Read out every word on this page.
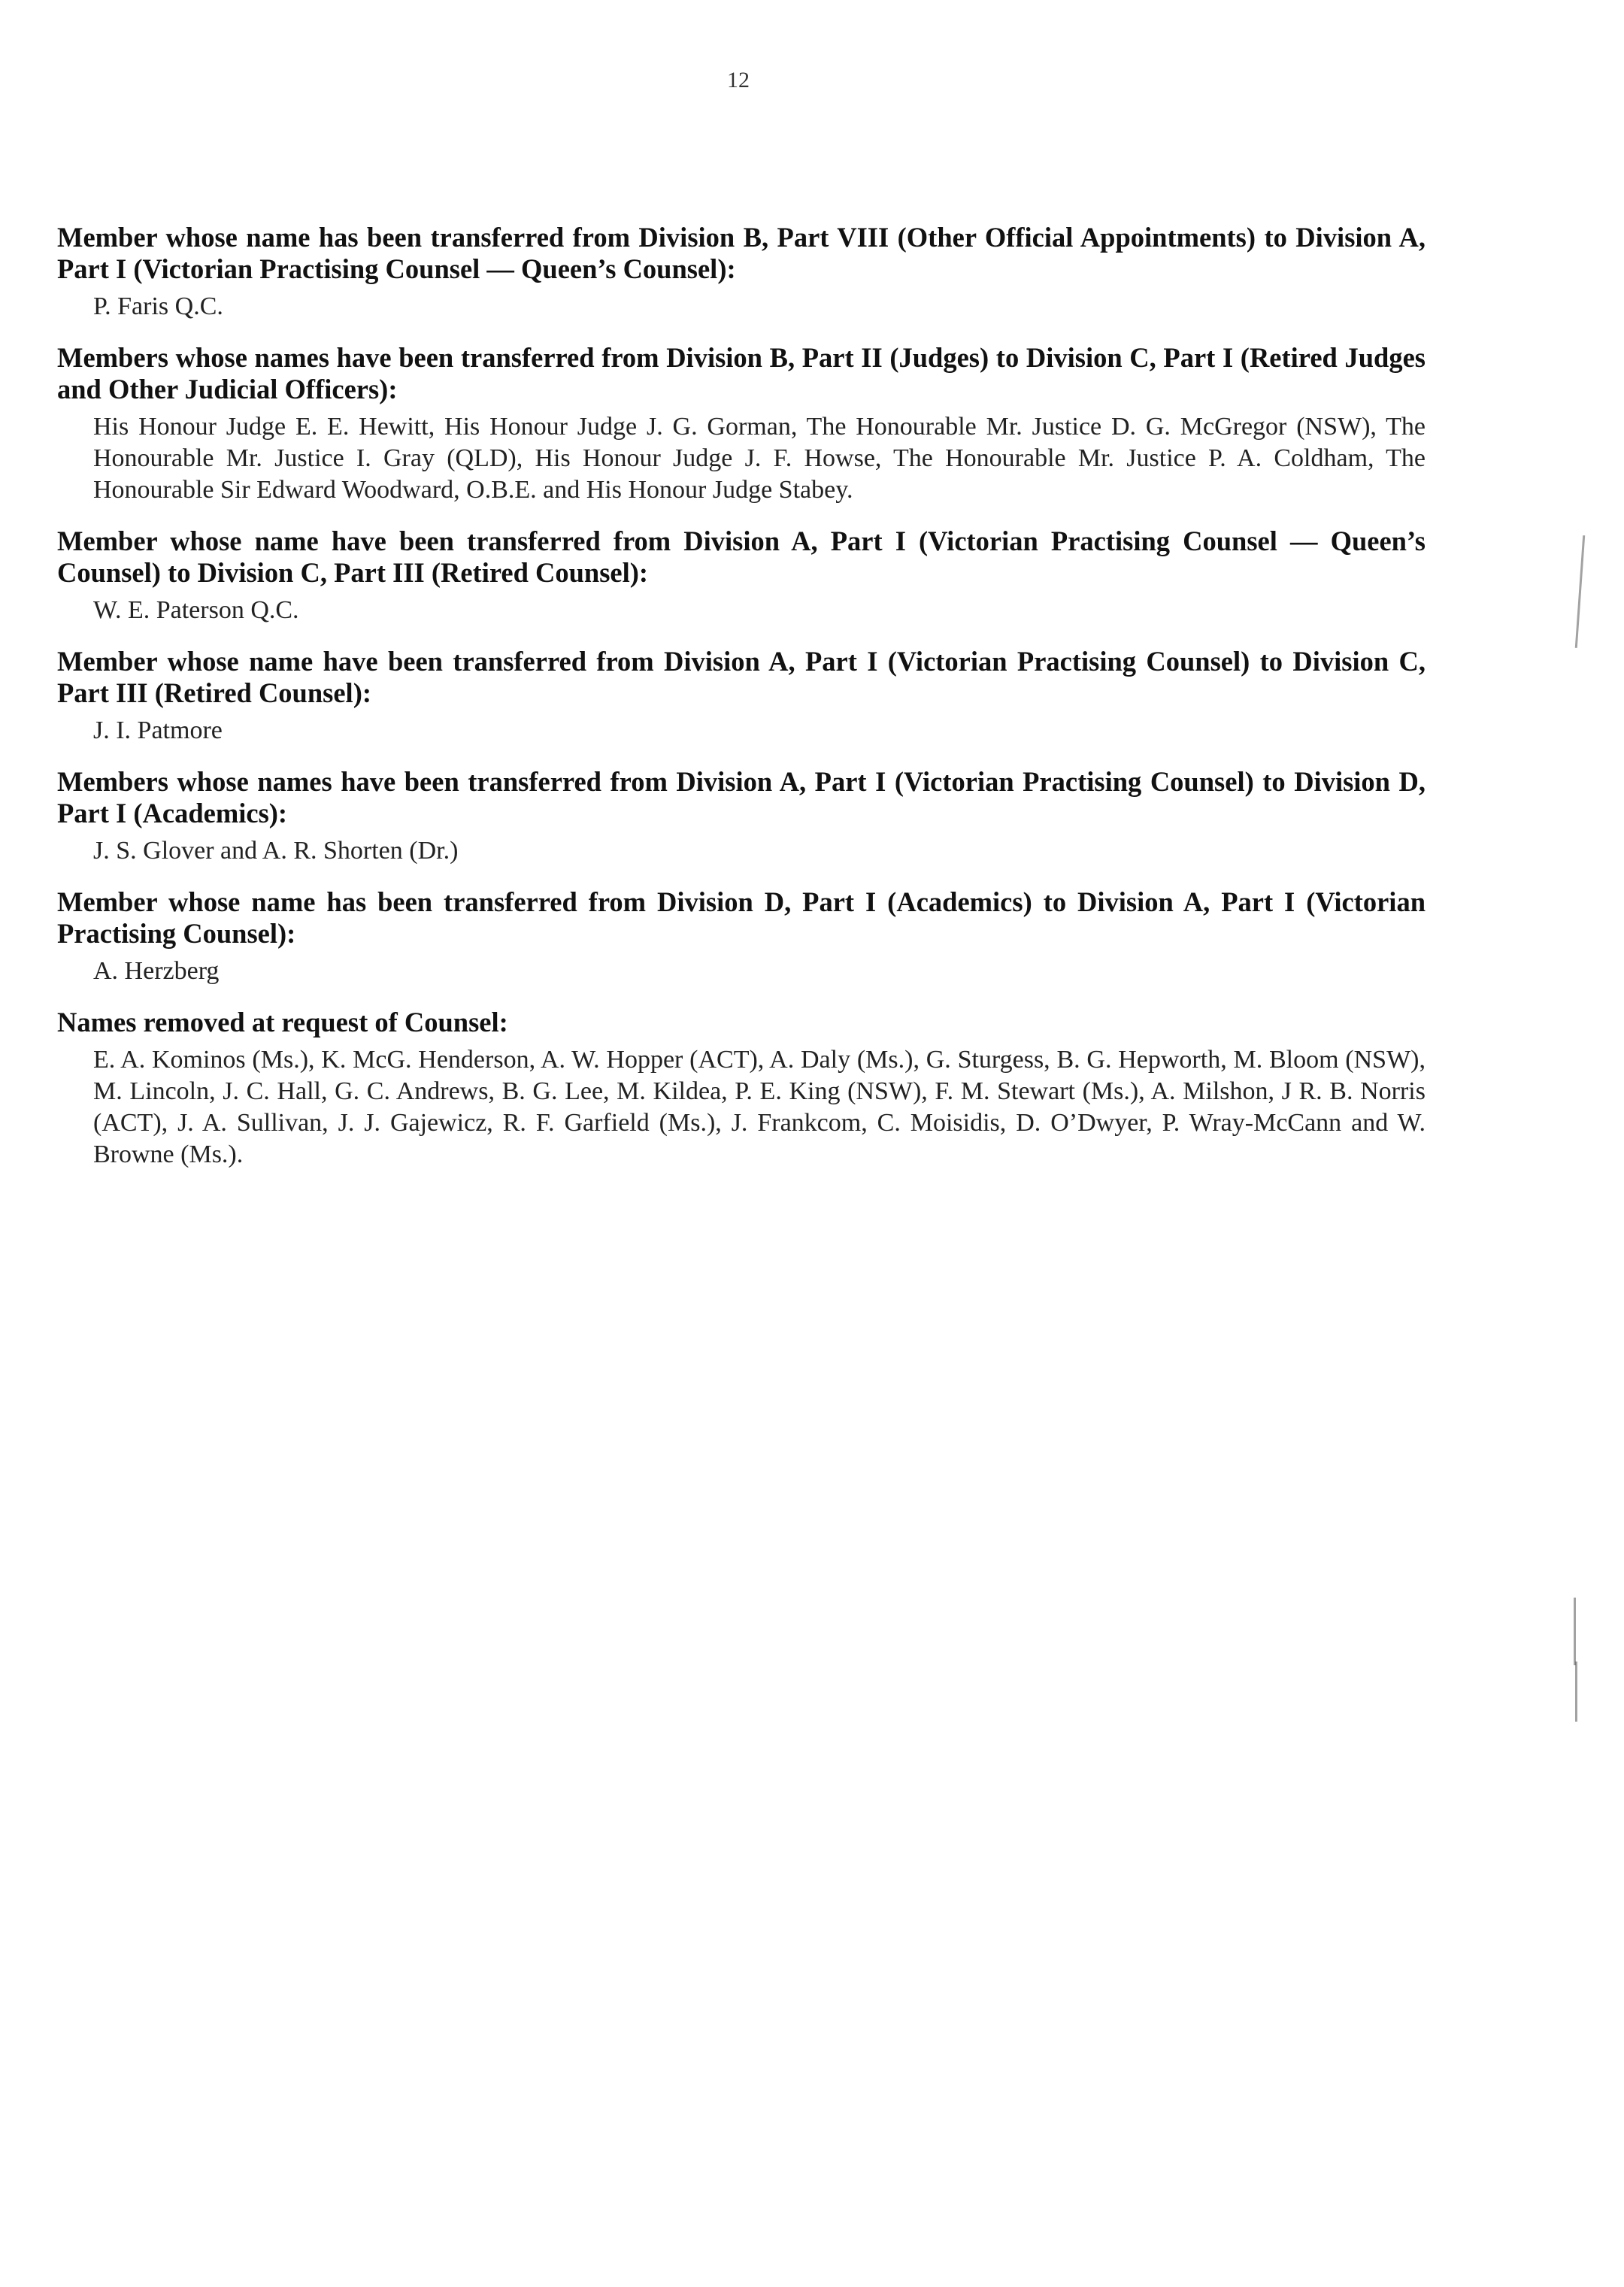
12

Member whose name has been transferred from Division B, Part VIII (Other Official Appointments) to Division A, Part I (Victorian Practising Counsel — Queen’s Counsel):

P. Faris Q.C.

Members whose names have been transferred from Division B, Part II (Judges) to Division C, Part I (Retired Judges and Other Judicial Officers):

His Honour Judge E. E. Hewitt, His Honour Judge J. G. Gorman, The Honourable Mr. Justice D. G. McGregor (NSW), The Honourable Mr. Justice I. Gray (QLD), His Honour Judge J. F. Howse, The Honourable Mr. Justice P. A. Coldham, The Honourable Sir Edward Woodward, O.B.E. and His Honour Judge Stabey.

Member whose name have been transferred from Division A, Part I (Victorian Practising Counsel — Queen’s Counsel) to Division C, Part III (Retired Counsel):

W. E. Paterson Q.C.

Member whose name have been transferred from Division A, Part I (Victorian Practising Counsel) to Division C, Part III (Retired Counsel):

J. I. Patmore

Members whose names have been transferred from Division A, Part I (Victorian Practising Counsel) to Division D, Part I (Academics):

J. S. Glover and A. R. Shorten (Dr.)

Member whose name has been transferred from Division D, Part I (Academics) to Division A, Part I (Victorian Practising Counsel):

A. Herzberg

Names removed at request of Counsel:

E. A. Kominos (Ms.), K. McG. Henderson, A. W. Hopper (ACT), A. Daly (Ms.), G. Sturgess, B. G. Hepworth, M. Bloom (NSW), M. Lincoln, J. C. Hall, G. C. Andrews, B. G. Lee, M. Kildea, P. E. King (NSW), F. M. Stewart (Ms.), A. Milshon, J R. B. Norris (ACT), J. A. Sullivan, J. J. Gajewicz, R. F. Garfield (Ms.), J. Frankcom, C. Moisidis, D. O’Dwyer, P. Wray-McCann and W. Browne (Ms.).
